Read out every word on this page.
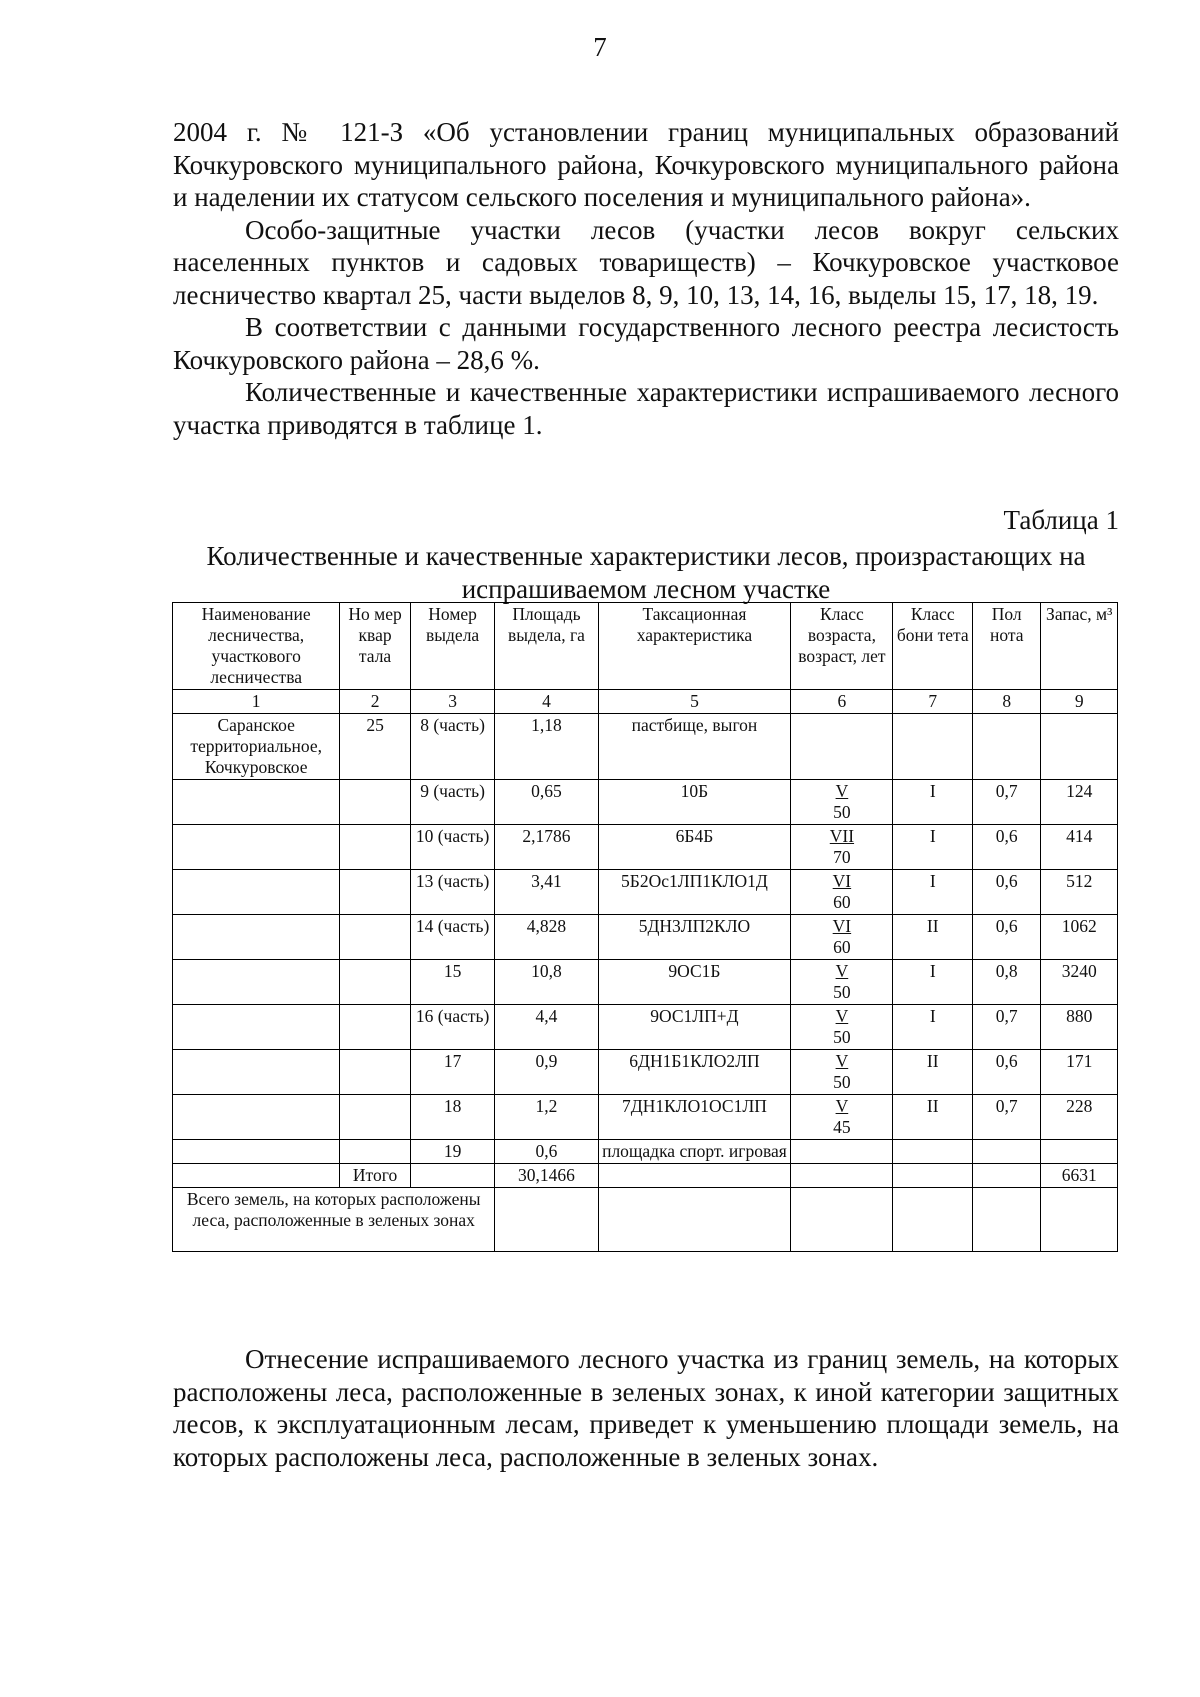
7

2004 г. № 121-З «Об установлении границ муниципальных образований Кочкуровского муниципального района, Кочкуровского муниципального района и наделении их статусом сельского поселения и муниципального района».

Особо-защитные участки лесов (участки лесов вокруг сельских населенных пунктов и садовых товариществ) – Кочкуровское участковое лесничество квартал 25, части выделов 8, 9, 10, 13, 14, 16, выделы 15, 17, 18, 19.

В соответствии с данными государственного лесного реестра лесистость Кочкуровского района – 28,6 %.

Количественные и качественные характеристики испрашиваемого лесного участка приводятся в таблице 1.

Таблица 1
Количественные и качественные характеристики лесов, произрастающих на испрашиваемом лесном участке
Наименование лесничества, участкового лесничества	Но мер квар тала	Номер выдела	Площадь выдела, га	Таксационная характеристика	Класс возраста, возраст, лет	Класс бони тета	Пол нота	Запас, м³
1	2	3	4	5	6	7	8	9
Саранское территориальное, Кочкуровское	25	8 (часть)	1,18	пастбище, выгон	

		9 (часть)	0,65	10Б	$\frac{V}{50}$	I	0,7	124
		10 (часть)	2,1786	6Б4Б	$\frac{\text{VII}}{70}$	I	0,6	414
		13 (часть)	3,41	5Б2Ос1ЛП1КЛО1Д	$\frac{VI}{60}$	I	0,6	512
		14 (часть)	4,828	5ДН3ЛП2КЛО	$\frac{VI}{60}$	II	0,6	1062
		15	10,8	9ОС1Б	$\frac{V}{50}$	I	0,8	3240
		16 (часть)	4,4	9ОС1ЛП+Д	$\frac{V}{50}$	I	0,7	880
		17	0,9	6ДН1Б1КЛО2ЛП	$\frac{V}{50}$	II	0,6	171
		18	1,2	7ДН1КЛО1ОС1ЛП	$\frac{V}{45}$	II	0,7	228
		19	0,6	площадка спорт. игровая	

	Итого		30,1466					6631
Всего земель, на которых расположены леса, расположенные в зеленых зонах								

Отнесение испрашиваемого лесного участка из границ земель, на которых расположены леса, расположенные в зеленых зонах, к иной категории защитных лесов, к эксплуатационным лесам, приведет к уменьшению площади земель, на которых расположены леса, расположенные в зеленых зонах.
